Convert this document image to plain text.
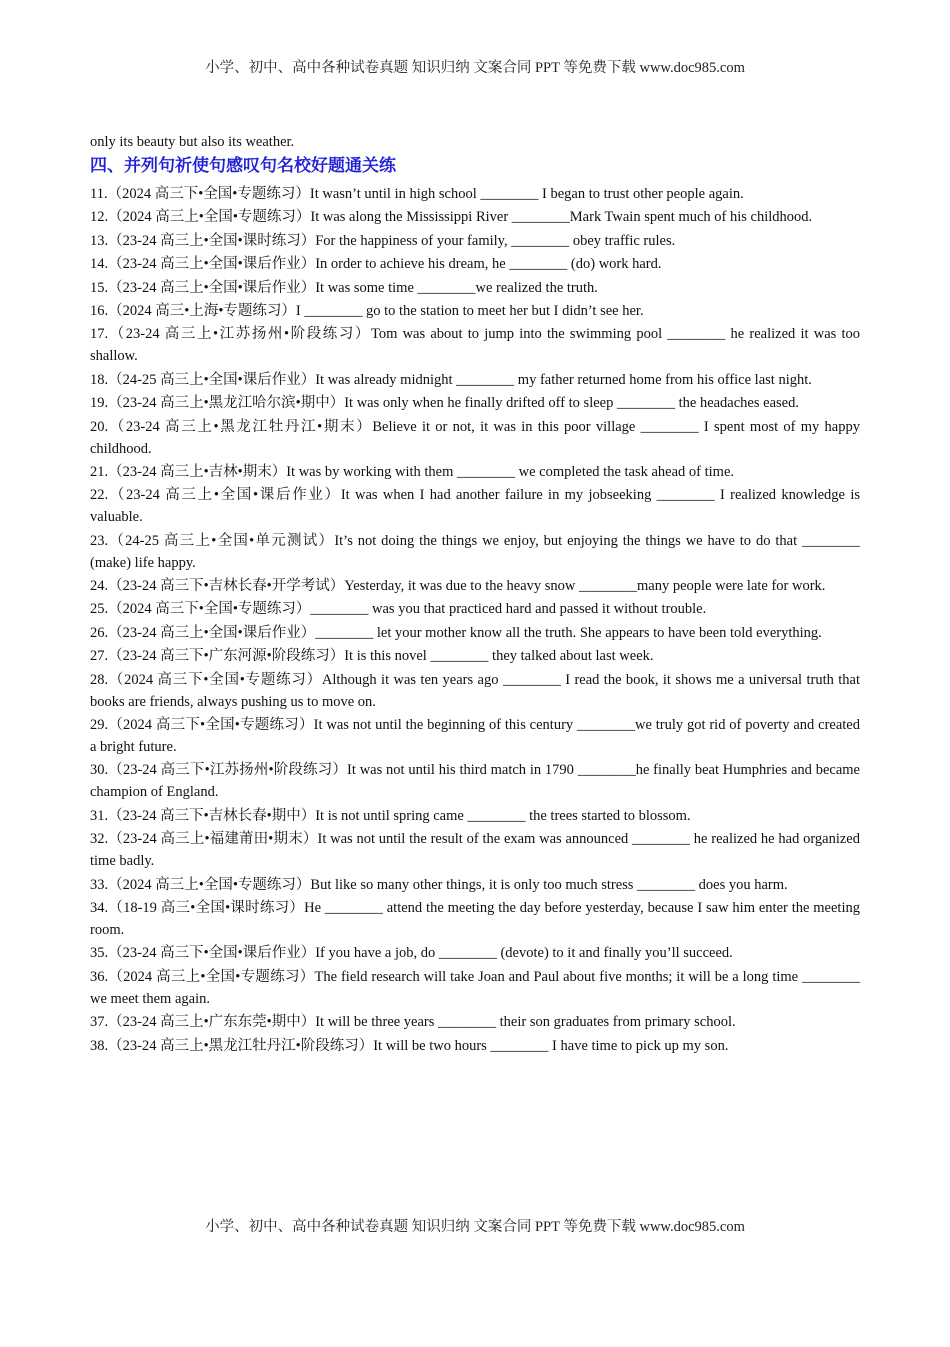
小学、初中、高中各种试卷真题 知识归纳 文案合同 PPT 等免费下载 www.doc985.com

only its beauty but also its weather.

四、并列句祈使句感叹句名校好题通关练

11.（2024 高三下•全国•专题练习）It wasn’t until in high school ________ I began to trust other people again.

12.（2024 高三上•全国•专题练习）It was along the Mississippi River ________Mark Twain spent much of his childhood.

13.（23-24 高三上•全国•课时练习）For the happiness of your family, ________ obey traffic rules.

14.（23-24 高三上•全国•课后作业）In order to achieve his dream, he ________ (do) work hard.

15.（23-24 高三上•全国•课后作业）It was some time ________we realized the truth.

16.（2024 高三•上海•专题练习）I ________ go to the station to meet her but I didn’t see her.

17.（23-24 高三上•江苏扬州•阶段练习）Tom was about to jump into the swimming pool ________ he realized it was too shallow.

18.（24-25 高三上•全国•课后作业）It was already midnight ________ my father returned home from his office last night.

19.（23-24 高三上•黑龙江哈尔滨•期中）It was only when he finally drifted off to sleep ________ the headaches eased.

20.（23-24 高三上•黑龙江牡丹江•期末）Believe it or not, it was in this poor village ________ I spent most of my happy childhood.

21.（23-24 高三上•吉林•期末）It was by working with them ________ we completed the task ahead of time.

22.（23-24 高三上•全国•课后作业）It was when I had another failure in my jobseeking ________ I realized knowledge is valuable.

23.（24-25 高三上•全国•单元测试）It’s not doing the things we enjoy, but enjoying the things we have to do that ________ (make) life happy.

24.（23-24 高三下•吉林长春•开学考试）Yesterday, it was due to the heavy snow ________many people were late for work.

25.（2024 高三下•全国•专题练习）________ was you that practiced hard and passed it without trouble.

26.（23-24 高三上•全国•课后作业）________ let your mother know all the truth. She appears to have been told everything.

27.（23-24 高三下•广东河源•阶段练习）It is this novel ________ they talked about last week.

28.（2024 高三下•全国•专题练习）Although it was ten years ago ________ I read the book, it shows me a universal truth that books are friends, always pushing us to move on.

29.（2024 高三下•全国•专题练习）It was not until the beginning of this century ________we truly got rid of poverty and created a bright future.

30.（23-24 高三下•江苏扬州•阶段练习）It was not until his third match in 1790 ________he finally beat Humphries and became champion of England.

31.（23-24 高三下•吉林长春•期中）It is not until spring came ________ the trees started to blossom.

32.（23-24 高三上•福建莆田•期末）It was not until the result of the exam was announced ________ he realized he had organized time badly.

33.（2024 高三上•全国•专题练习）But like so many other things, it is only too much stress ________ does you harm.

34.（18-19 高三•全国•课时练习）He ________ attend the meeting the day before yesterday, because I saw him enter the meeting room.

35.（23-24 高三下•全国•课后作业）If you have a job, do ________ (devote) to it and finally you’ll succeed.

36.（2024 高三上•全国•专题练习）The field research will take Joan and Paul about five months; it will be a long time ________ we meet them again.

37.（23-24 高三上•广东东莞•期中）It will be three years ________ their son graduates from primary school.

38.（23-24 高三上•黑龙江牡丹江•阶段练习）It will be two hours ________ I have time to pick up my son.

小学、初中、高中各种试卷真题 知识归纳 文案合同 PPT 等免费下载 www.doc985.com
